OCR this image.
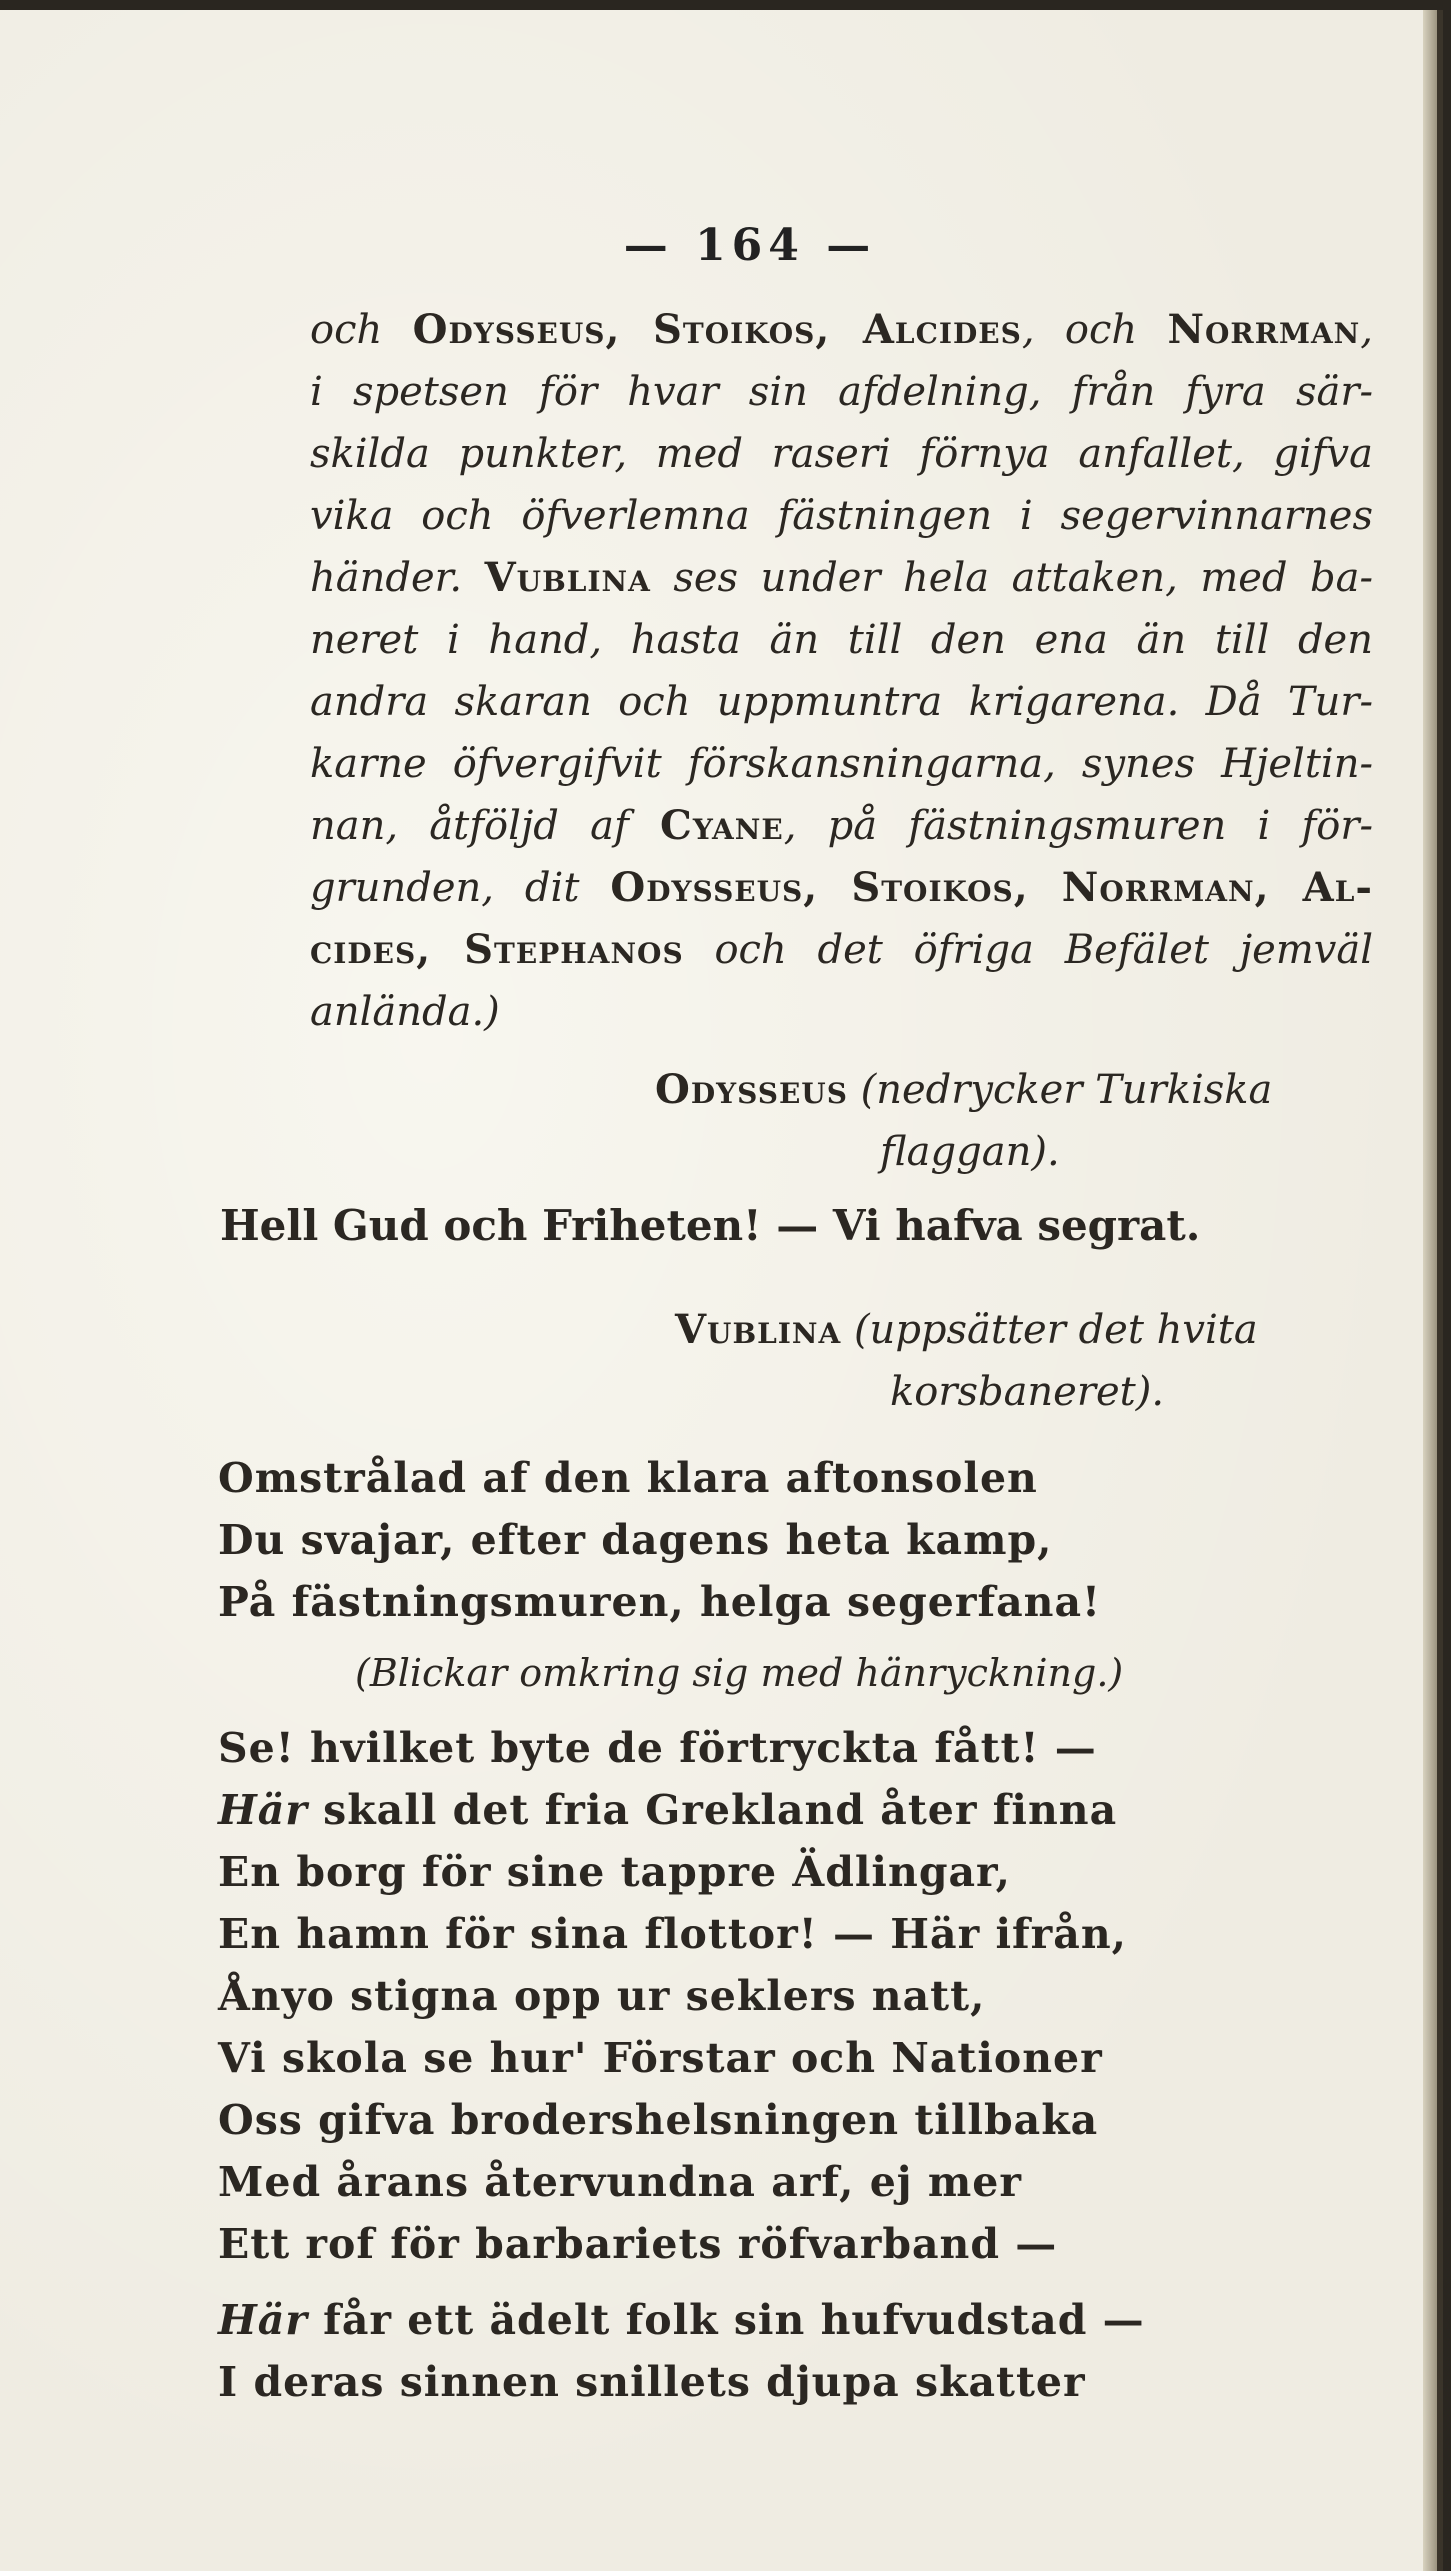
— 164 —
och Odysseus, Stoikos, Alcides, och Norrman,
i spetsen för hvar sin afdelning, från fyra sär-
skilda punkter, med raseri förnya anfallet, gifva
vika och öfverlemna fästningen i segervinnarnes
händer. Vublina ses under hela attaken, med ba-
neret i hand, hasta än till den ena än till den
andra skaran och uppmuntra krigarena. Då Tur-
karne öfvergifvit förskansningarna, synes Hjeltin-
nan, åtföljd af Cyane, på fästningsmuren i för-
grunden, dit Odysseus, Stoikos, Norrman, Al-
cides, Stephanos och det öfriga Befälet jemväl
anlända.)
Odysseus (nedrycker Turkiska
flaggan).
Hell Gud och Friheten! — Vi hafva segrat.
Vublina (uppsätter det hvita
korsbaneret).
Omstrålad af den klara aftonsolen
Du svajar, efter dagens heta kamp,
På fästningsmuren, helga segerfana!
(Blickar omkring sig med hänryckning.)
Se! hvilket byte de förtryckta fått! —
Här skall det fria Grekland åter finna
En borg för sine tappre Ädlingar,
En hamn för sina flottor! — Här ifrån,
Ånyo stigna opp ur seklers natt,
Vi skola se hur' Förstar och Nationer
Oss gifva brodershelsningen tillbaka
Med årans återvundna arf, ej mer
Ett rof för barbariets röfvarband —
Här får ett ädelt folk sin hufvudstad —
I deras sinnen snillets djupa skatter
